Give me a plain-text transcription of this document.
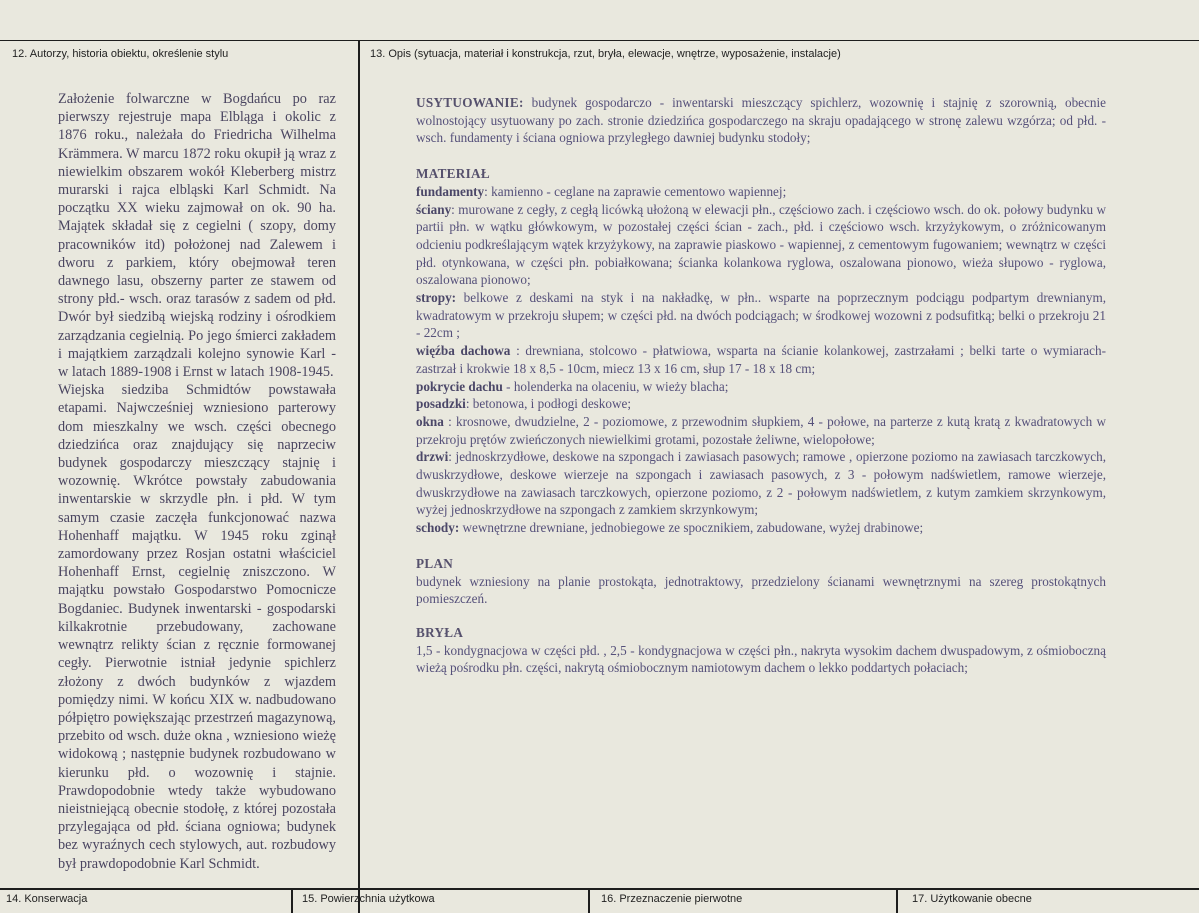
12. Autorzy, historia obiektu, określenie stylu	13. Opis (sytuacja, materiał i konstrukcja, rzut, bryła, elewacje, wnętrze, wyposażenie, instalacje)

Założenie folwarczne w Bogdańcu po raz pierwszy rejestruje mapa Elbląga i okolic z 1876 roku., należała do Friedricha Wilhelma Krämmera. W marcu 1872 roku okupił ją wraz z niewielkim obszarem wokół Kleberberg mistrz murarski i rajca elbląski Karl Schmidt. Na początku XX wieku zajmował on ok. 90 ha. Majątek składał się z cegielni ( szopy, domy pracowników itd) położonej nad Zalewem i dworu z parkiem, który obejmował teren dawnego lasu, obszerny parter ze stawem od strony płd.- wsch. oraz tarasów z sadem od płd. Dwór był siedzibą wiejską rodziny i ośrodkiem zarządzania cegielnią. Po jego śmierci zakładem i majątkiem zarządzali kolejno synowie Karl - w latach 1889-1908 i Ernst w latach 1908-1945.

Wiejska siedziba Schmidtów powstawała etapami. Najwcześniej wzniesiono parterowy dom mieszkalny we wsch. części obecnego dziedzińca oraz znajdujący się naprzeciw budynek gospodarczy mieszczący stajnię i wozownię. Wkrótce powstały zabudowania inwentarskie w skrzydle płn. i płd. W tym samym czasie zaczęła funkcjonować nazwa Hohenhaff majątku. W 1945 roku zginął zamordowany przez Rosjan ostatni właściciel Hohenhaff Ernst, cegielnię zniszczono. W majątku powstało Gospodarstwo Pomocnicze Bogdaniec. Budynek inwentarski - gospodarski kilkakrotnie przebudowany, zachowane wewnątrz relikty ścian z ręcznie formowanej cegły. Pierwotnie istniał jedynie spichlerz złożony z dwóch budynków z wjazdem pomiędzy nimi. W końcu XIX w. nadbudowano półpiętro powiększając przestrzeń magazynową, przebito od wsch. duże okna , wzniesiono wieżę widokową ; następnie budynek rozbudowano w kierunku płd. o wozownię i stajnie. Prawdopodobnie wtedy także wybudowano nieistniejącą obecnie stodołę, z której pozostała przylegająca od płd. ściana ogniowa; budynek bez wyraźnych cech stylowych, aut. rozbudowy był prawdopodobnie Karl Schmidt.

USYTUOWANIE: budynek gospodarczo - inwentarski mieszczący spichlerz, wozownię i stajnię z szorownią, obecnie wolnostojący usytuowany po zach. stronie dziedzińca gospodarczego na skraju opadającego w stronę zalewu wzgórza; od płd. - wsch. fundamenty i ściana ogniowa przyległego dawniej budynku stodoły;

MATERIAŁ

fundamenty: kamienno - ceglane na zaprawie cementowo wapiennej;

ściany: murowane z cegły, z cegłą licówką ułożoną w elewacji płn., częściowo zach. i częściowo wsch. do ok. połowy budynku w partii płn. w wątku główkowym, w pozostałej części ścian - zach., płd. i częściowo wsch. krzyżykowym, o zróżnicowanym odcieniu podkreślającym wątek krzyżykowy, na zaprawie piaskowo - wapiennej, z cementowym fugowaniem; wewnątrz w części płd. otynkowana, w części płn. pobiałkowana; ścianka kolankowa ryglowa, oszalowana pionowo, wieża słupowo - ryglowa, oszalowana pionowo;

stropy: belkowe z deskami na styk i na nakładkę, w płn.. wsparte na poprzecznym podciągu podpartym drewnianym, kwadratowym w przekroju słupem; w części płd. na dwóch podciągach; w środkowej wozowni z podsufitką; belki o przekroju 21 - 22cm ;

więźba dachowa : drewniana, stolcowo - płatwiowa, wsparta na ścianie kolankowej, zastrzałami ; belki tarte o wymiarach- zastrzał i krokwie 18 x 8,5 - 10cm, miecz 13 x 16 cm, słup 17 - 18 x 18 cm;

pokrycie dachu - holenderka na olaceniu, w wieży blacha;

posadzki: betonowa, i podłogi deskowe;

okna : krosnowe, dwudzielne, 2 - poziomowe, z przewodnim słupkiem, 4 - połowe, na parterze z kutą kratą z kwadratowych w przekroju prętów zwieńczonych niewielkimi grotami, pozostałe żeliwne, wielopołowe;

drzwi: jednoskrzydłowe, deskowe na szpongach i zawiasach pasowych; ramowe , opierzone poziomo na zawiasach tarczkowych, dwuskrzydłowe, deskowe wierzeje na szpongach i zawiasach pasowych, z 3 - połowym nadświetlem, ramowe wierzeje, dwuskrzydłowe na zawiasach tarczkowych, opierzone poziomo, z 2 - połowym nadświetlem, z kutym zamkiem skrzynkowym, wyżej jednoskrzydłowe na szpongach z zamkiem skrzynkowym;

schody: wewnętrzne drewniane, jednobiegowe ze spocznikiem, zabudowane, wyżej drabinowe;

PLAN

budynek wzniesiony na planie prostokąta, jednotraktowy, przedzielony ścianami wewnętrznymi na szereg prostokątnych pomieszczeń.

BRYŁA

1,5 - kondygnacjowa w części płd. , 2,5 - kondygnacjowa w części płn., nakryta wysokim dachem dwuspadowym, z ośmioboczną wieżą pośrodku płn. części, nakrytą ośmiobocznym namiotowym dachem o lekko poddartych połaciach;

14. Konserwacja	15. Powierzchnia użytkowa	16. Przeznaczenie pierwotne	17. Użytkowanie obecne
